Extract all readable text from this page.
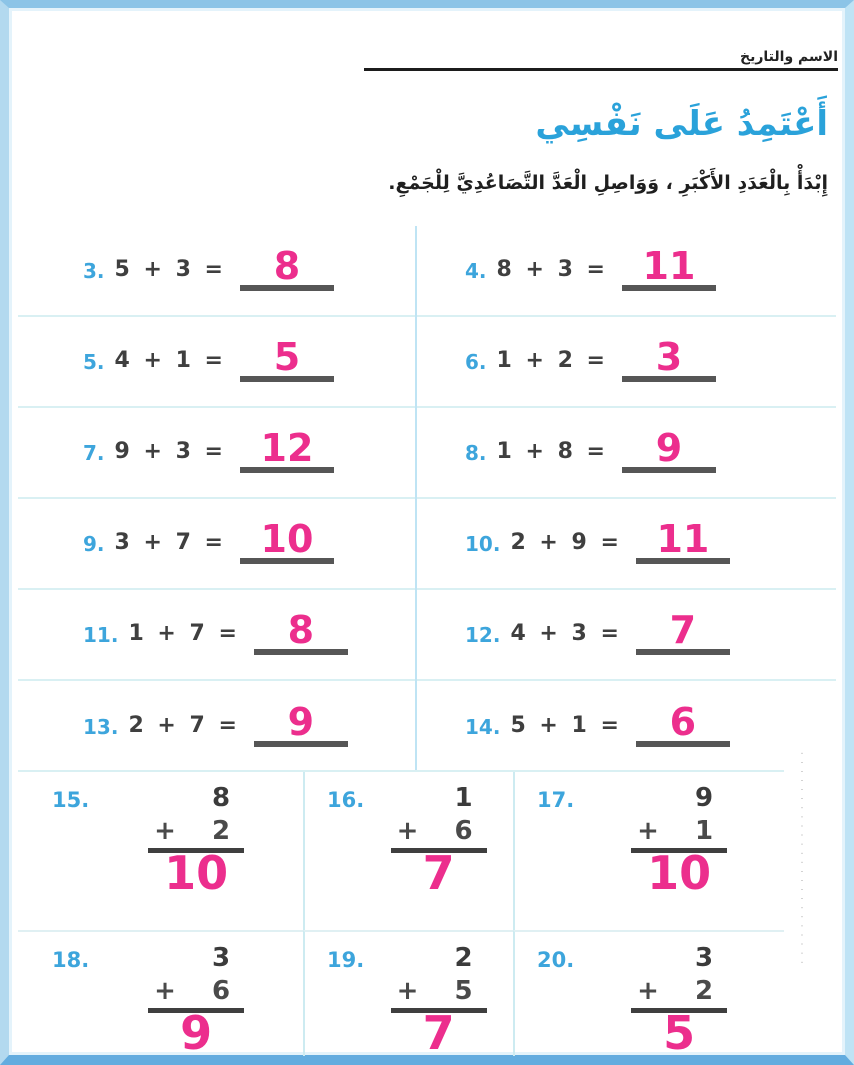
الاسم والتاريخ
أَعْتَمِدُ عَلَى نَفْسِي
إِبْدَأْ بِالْعَدَدِ الأَكْبَرِ ، وَوَاصِلِ الْعَدَّ التَّصَاعُدِيَّ لِلْجَمْعِ.
3. 5 + 3 =	8	4. 8 + 3 = 11
5. 4 + 1 =	5	6. 1 + 2 =	3
7. 9 + 3 = 12	8. 1 + 8 =	9
9. 3 + 7 = 10	10. 2 + 9 = 11
11. 1 + 7 =	8	12. 4 + 3 =	7
13. 2 + 7 =	9	14. 5 + 1 =	6
15.	8
+ 2
10
16.	1
+ 6
7
17.	9
+ 1
10
18.	3
+ 6
9
19.	2
+ 5
7
20.	3
+ 2
5
· · · · · · · · · · · · · · · · · · · · · · · ·
